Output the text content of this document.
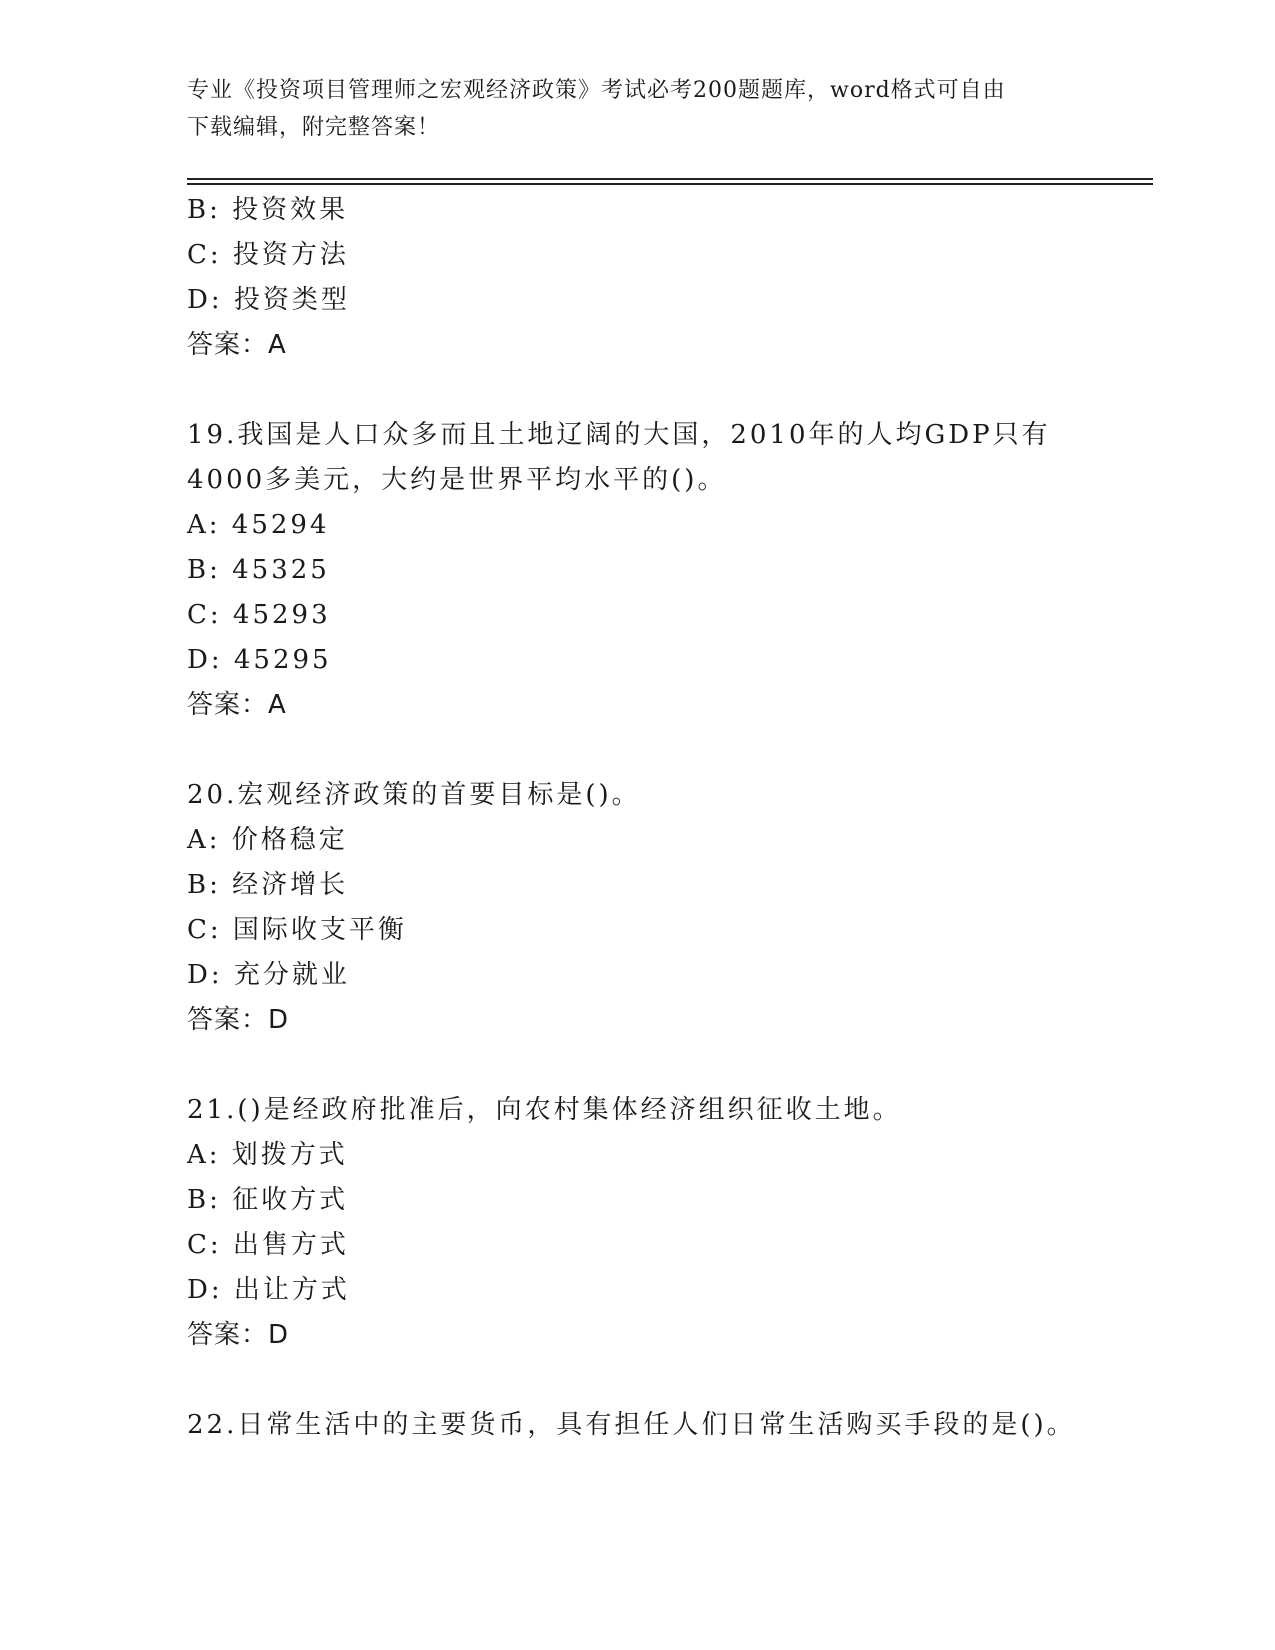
专业《投资项目管理师之宏观经济政策》考试必考200题题库，word格式可自由
下载编辑，附完整答案！
B: 投资效果
C: 投资方法
D: 投资类型
答案：A
19.我国是人口众多而且土地辽阔的大国，2010年的人均GDP只有
4000多美元，大约是世界平均水平的()。
A: 45294
B: 45325
C: 45293
D: 45295
答案：A
20.宏观经济政策的首要目标是()。
A: 价格稳定
B: 经济增长
C: 国际收支平衡
D: 充分就业
答案：D
21.()是经政府批准后，向农村集体经济组织征收土地。
A: 划拨方式
B: 征收方式
C: 出售方式
D: 出让方式
答案：D
22.日常生活中的主要货币，具有担任人们日常生活购买手段的是()。
